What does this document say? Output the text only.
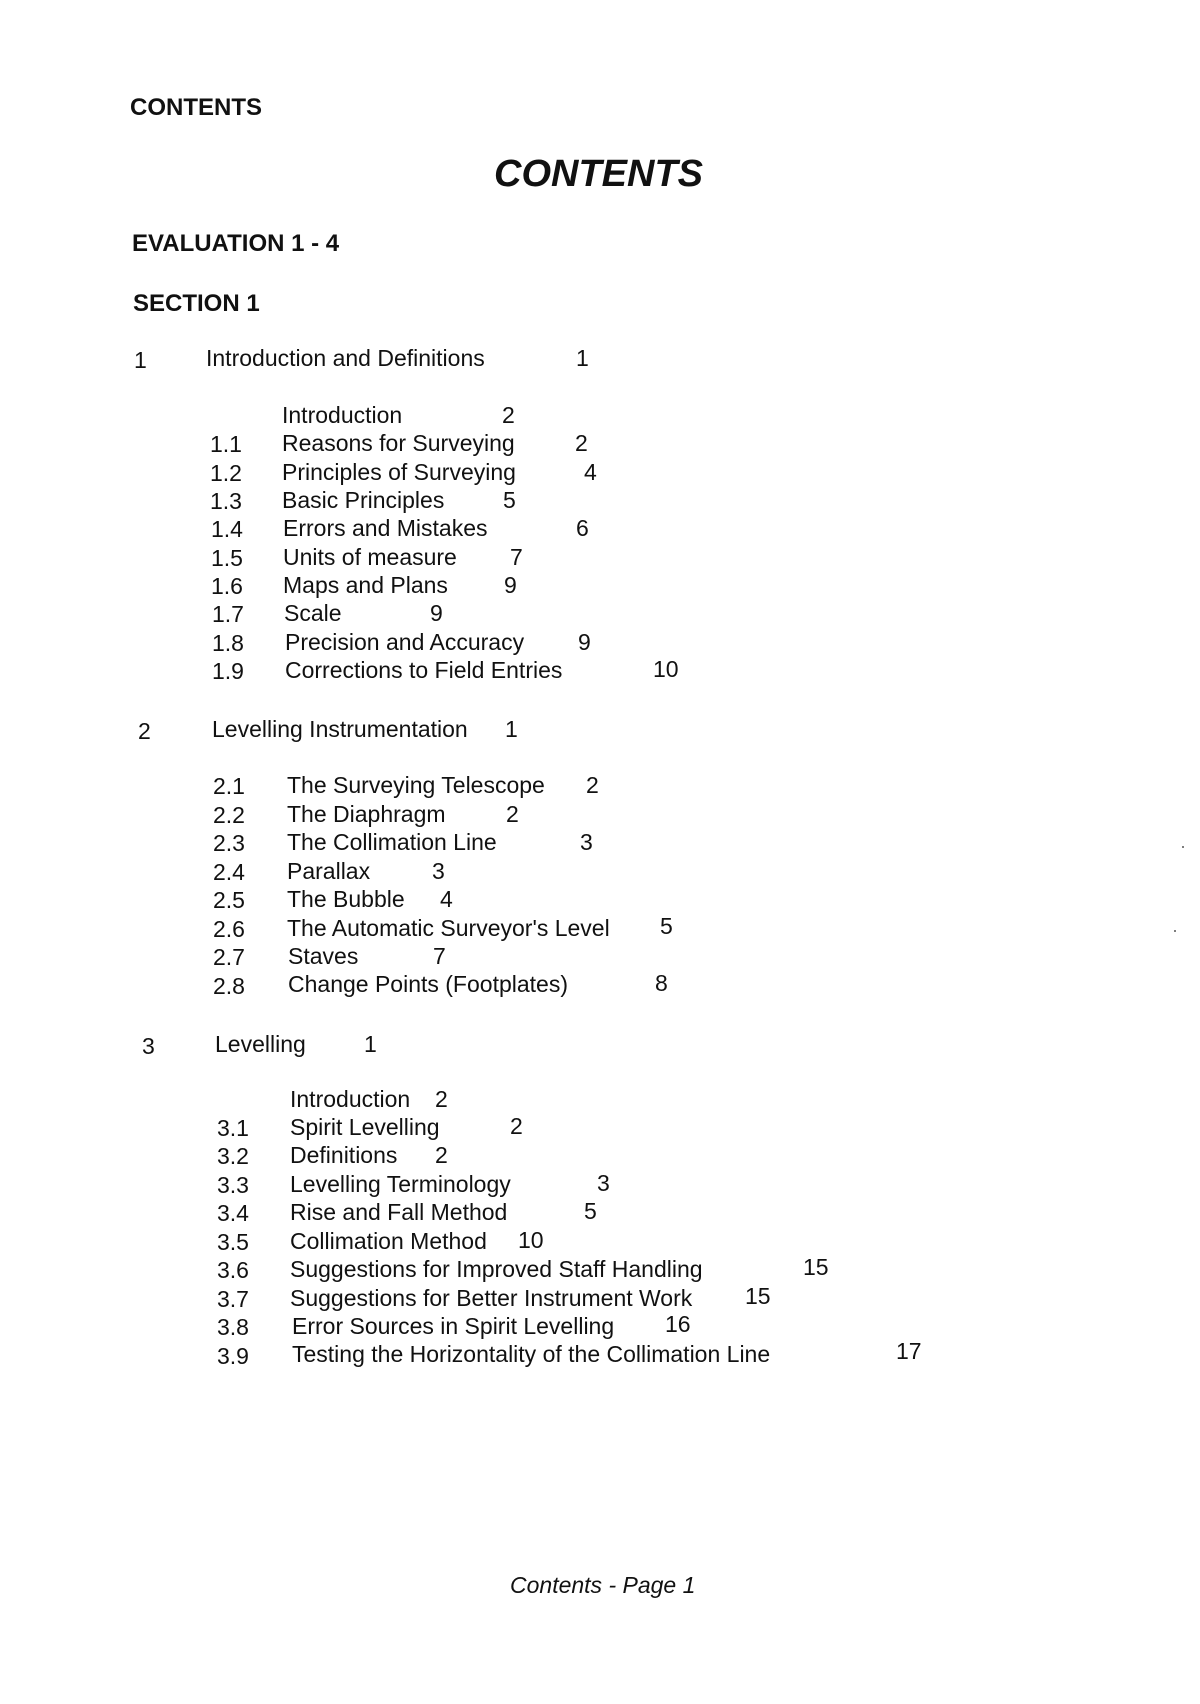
CONTENTS
CONTENTS
EVALUATION 1 - 4
SECTION 1
1	Introduction and Definitions	1
Introduction	2
1.1 Reasons for Surveying	2
1.2 Principles of Surveying	4
1.3 Basic Principles	5
1.4 Errors and Mistakes	6
1.5 Units of measure 7
1.6 Maps and Plans 9
1.7 Scale	9
1.8 Precision and Accuracy 9
1.9 Corrections to Field Entries	10
2	Levelling Instrumentation 1
2.1 The Surveying Telescope 2
2.2 The Diaphragm	2
2.3 The Collimation Line	3
2.4 Parallax	3
2.5 The Bubble 4
2.6 The Automatic Surveyor's Level 5
2.7 Staves	7
2.8 Change Points (Footplates)	8
3	Levelling	1
Introduction 2
3.1 Spirit Levelling	2
3.2 Definitions 2
3.3 Levelling Terminology	3
3.4 Rise and Fall Method	5
3.5 Collimation Method 10
3.6 Suggestions for Improved Staff Handling	15
3.7 Suggestions for Better Instrument Work 15
3.8 Error Sources in Spirit Levelling 16
3.9 Testing the Horizontality of the Collimation Line	17
Contents - Page 1
